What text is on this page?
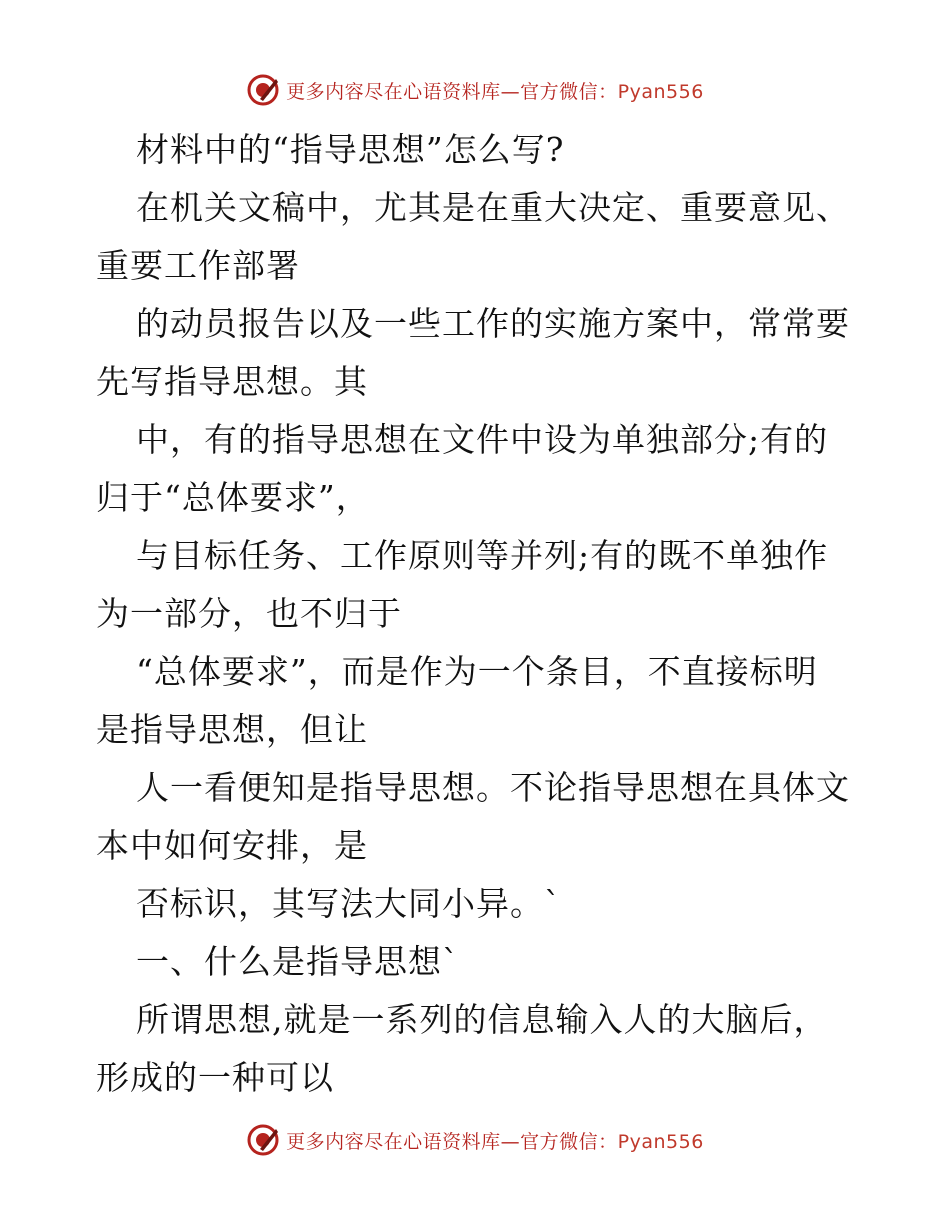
更多内容尽在心语资料库—官方微信：Pyan556

材料中的“指导思想”怎么写?

在机关文稿中，尤其是在重大决定、重要意见、
重要工作部署

的动员报告以及一些工作的实施方案中，常常要
先写指导思想。其

中，有的指导思想在文件中设为单独部分;有的
归于“总体要求”，

与目标任务、工作原则等并列;有的既不单独作
为一部分，也不归于

“总体要求”，而是作为一个条目，不直接标明
是指导思想，但让

人一看便知是指导思想。不论指导思想在具体文
本中如何安排，是

否标识，其写法大同小异。`

一、什么是指导思想`

所谓思想,就是一系列的信息输入人的大脑后，
形成的一种可以

更多内容尽在心语资料库—官方微信：Pyan556
